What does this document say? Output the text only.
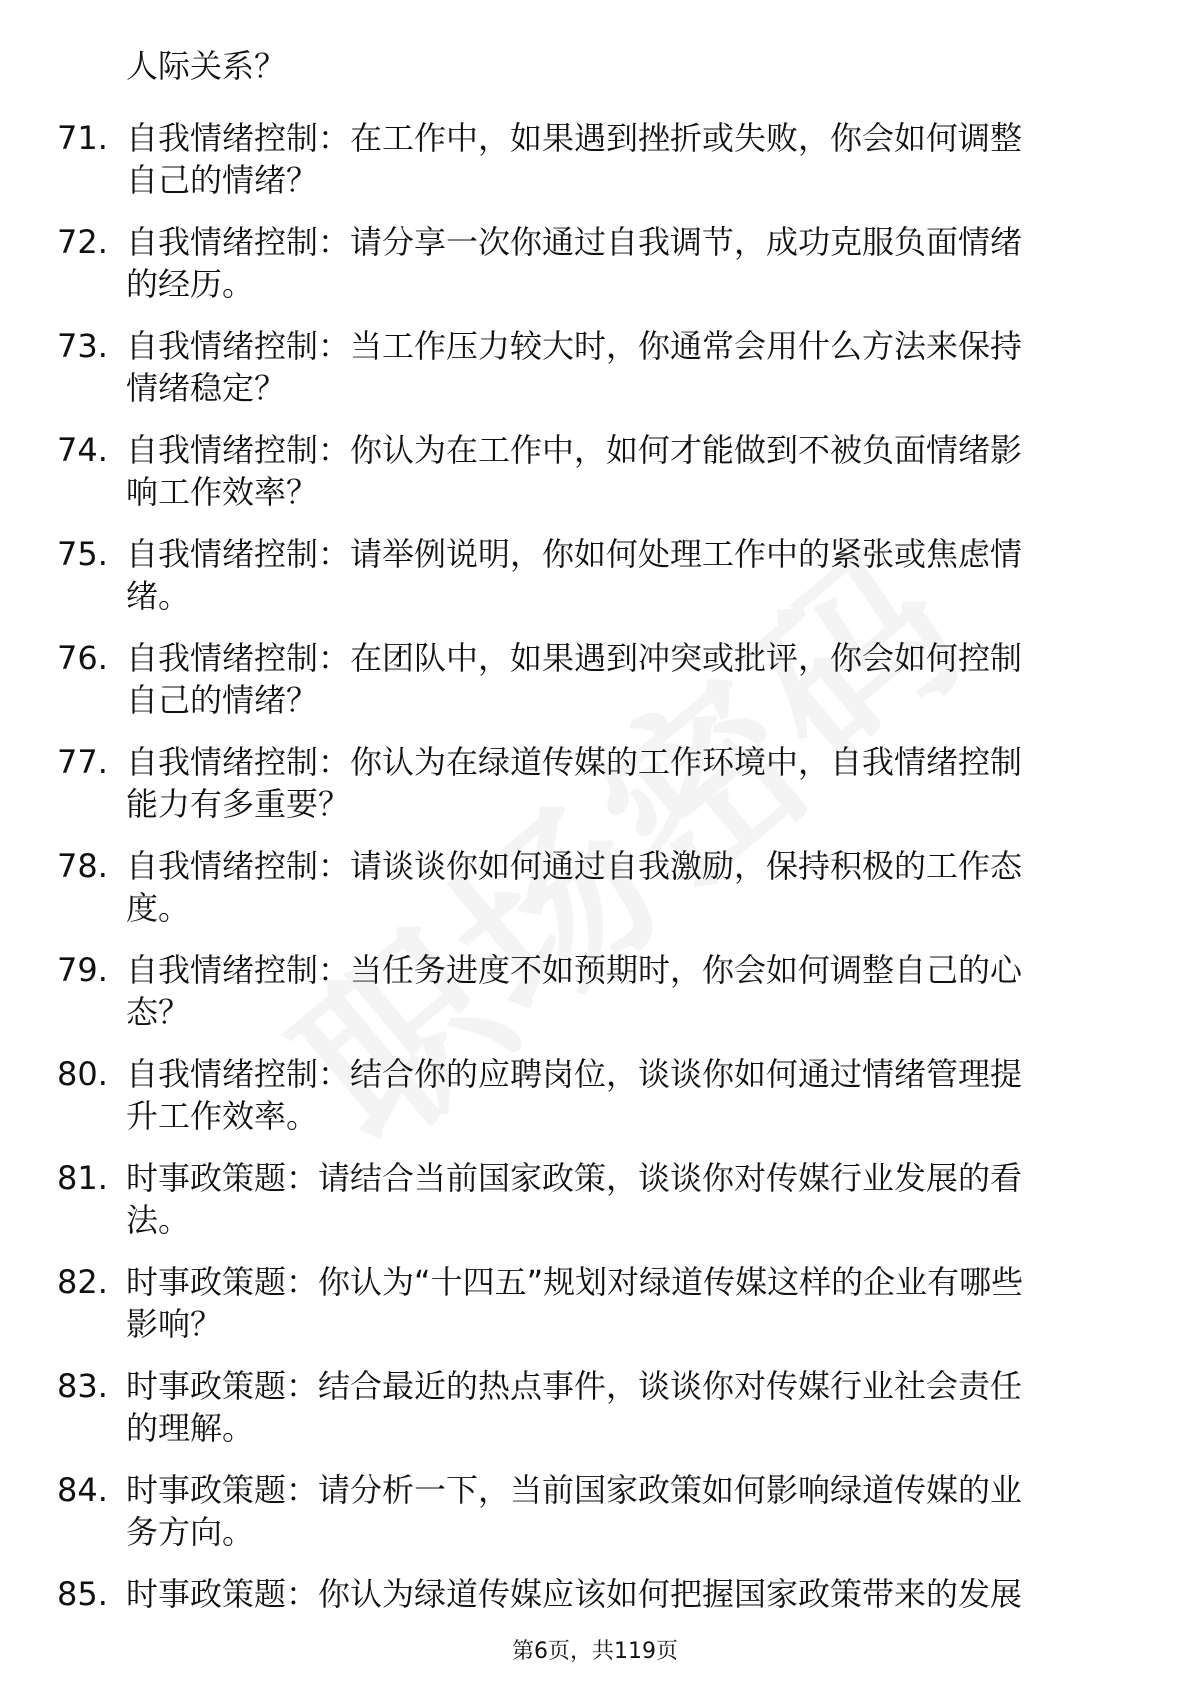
人际关系？
71. 自我情绪控制：在工作中，如果遇到挫折或失败，你会如何调整
自己的情绪？
72. 自我情绪控制：请分享一次你通过自我调节，成功克服负面情绪
的经历。
73. 自我情绪控制：当工作压力较大时，你通常会用什么方法来保持
情绪稳定？
74. 自我情绪控制：你认为在工作中，如何才能做到不被负面情绪影
响工作效率？
75. 自我情绪控制：请举例说明，你如何处理工作中的紧张或焦虑情
绪。
76. 自我情绪控制：在团队中，如果遇到冲突或批评，你会如何控制
自己的情绪？
77. 自我情绪控制：你认为在绿道传媒的工作环境中，自我情绪控制
能力有多重要？
78. 自我情绪控制：请谈谈你如何通过自我激励，保持积极的工作态
度。
79. 自我情绪控制：当任务进度不如预期时，你会如何调整自己的心
态？
80. 自我情绪控制：结合你的应聘岗位，谈谈你如何通过情绪管理提
升工作效率。
81. 时事政策题：请结合当前国家政策，谈谈你对传媒行业发展的看
法。
82. 时事政策题：你认为“十四五”规划对绿道传媒这样的企业有哪些
影响？
83. 时事政策题：结合最近的热点事件，谈谈你对传媒行业社会责任
的理解。
84. 时事政策题：请分析一下，当前国家政策如何影响绿道传媒的业
务方向。
85. 时事政策题：你认为绿道传媒应该如何把握国家政策带来的发展
第6页，共119页
